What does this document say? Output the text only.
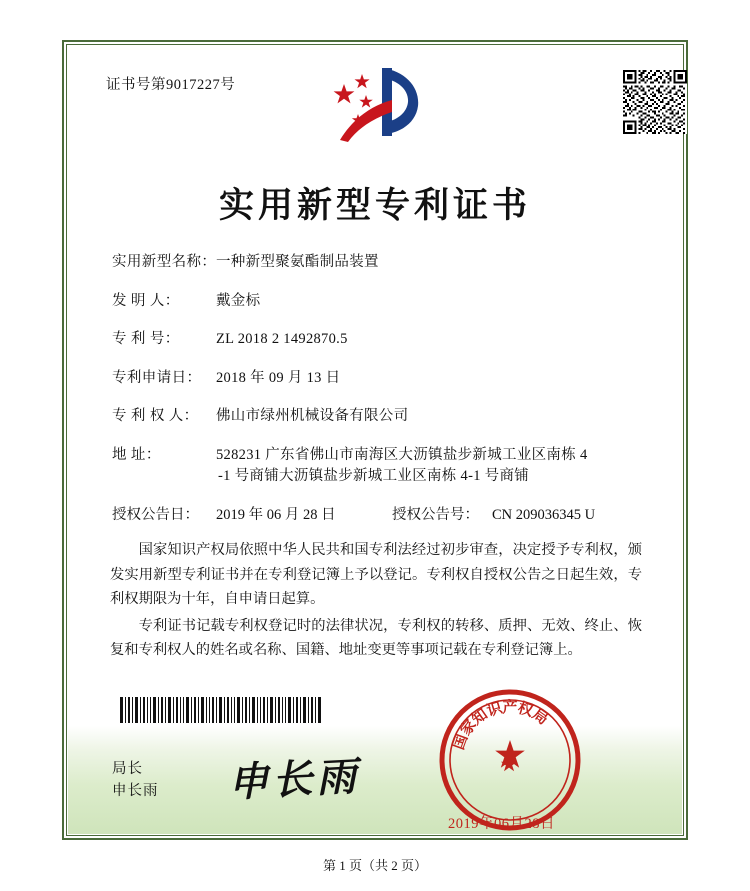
证书号第9017227号
实用新型专利证书
实用新型名称： 一种新型聚氨酯制品装置
发 明 人：	戴金标
专 利 号：	ZL 2018 2 1492870.5
专利申请日：	2018 年 09 月 13 日
专 利 权 人：	佛山市绿州机械设备有限公司
地 址：	528231 广东省佛山市南海区大沥镇盐步新城工业区南栋 4
-1 号商铺大沥镇盐步新城工业区南栋 4-1 号商铺
授权公告日：	2019 年 06 月 28 日	授权公告号： CN 209036345 U

国家知识产权局依照中华人民共和国专利法经过初步审查，决定授予专利权，颁发实用新型专利证书并在专利登记簿上予以登记。专利权自授权公告之日起生效，专利权期限为十年，自申请日起算。

专利证书记载专利权登记时的法律状况，专利权的转移、质押、无效、终止、恢复和专利权人的姓名或名称、国籍、地址变更等事项记载在专利登记簿上。

局长
申长雨 申长雨
家
知
识
产
权
局
国
2019年06月28日
第 1 页（共 2 页）
